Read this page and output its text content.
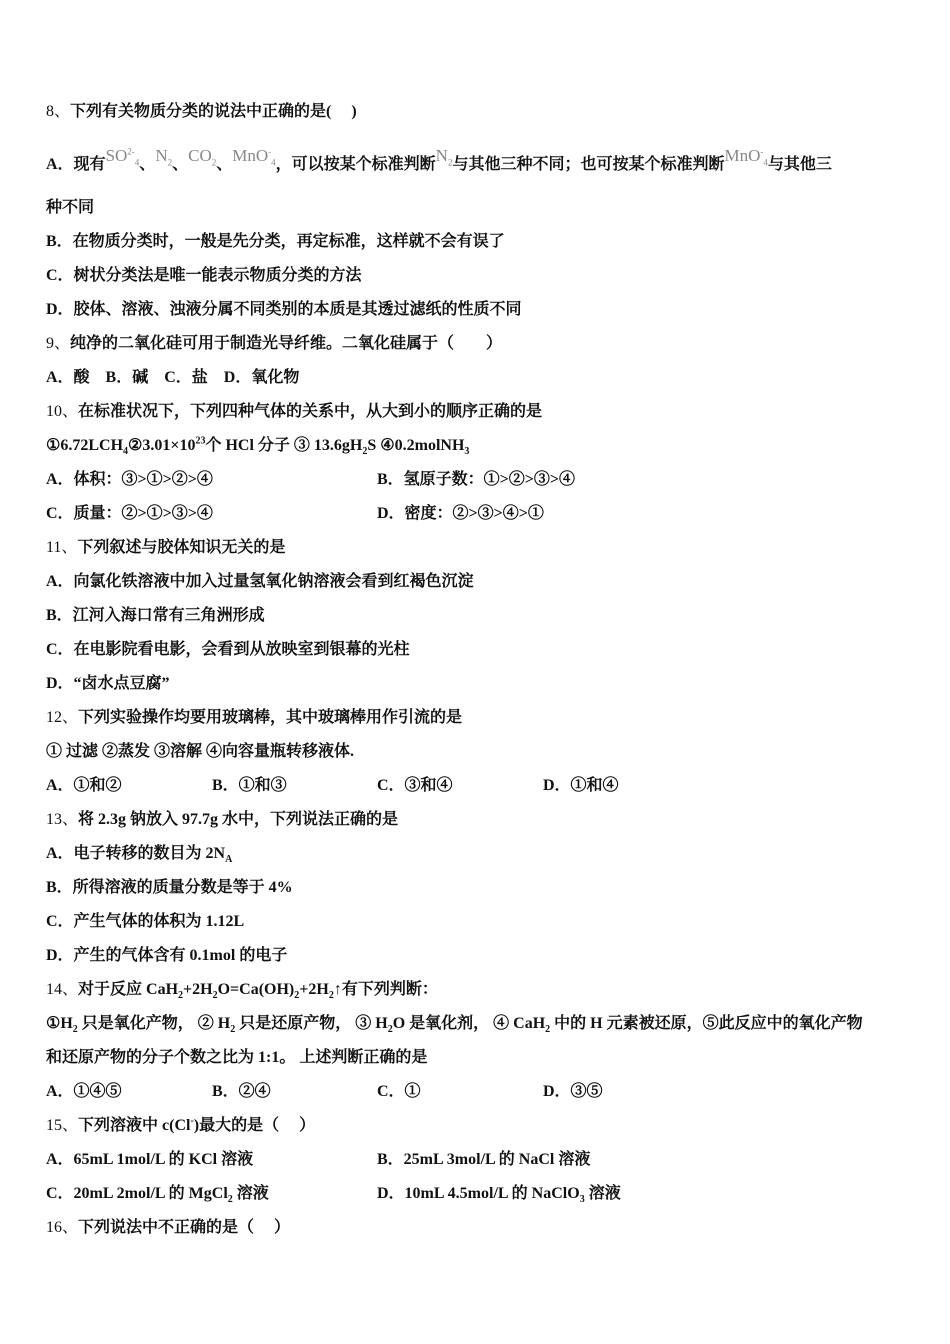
8、下列有关物质分类的说法中正确的是(　 )
A．现有$SO^{2-}_4$、$N_2$、$CO_2$、MnO-$_4$，可以按某个标准判断$N_2$与其他三种不同；也可按某个标准判断MnO-$_4$与其他三
种不同
B．在物质分类时，一般是先分类，再定标准，这样就不会有误了
C．树状分类法是唯一能表示物质分类的方法
D．胶体、溶液、浊液分属不同类别的本质是其透过滤纸的性质不同
9、纯净的二氧化硅可用于制造光导纤维。二氧化硅属于（　　）
A．酸　B．碱　C．盐　D．氧化物
10、在标准状况下，下列四种气体的关系中，从大到小的顺序正确的是
$①6.72LCH_4②3.01\times 10^{23}$个 HCl 分子 ③ $13.6gH_2S$ ④0.2molNH$_3$
A．体积：③>①>②>④	B．氢原子数：①>②>③>④
C．质量：②>①>③>④	D．密度：②>③>④>①
11、下列叙述与胶体知识无关的是
A．向氯化铁溶液中加入过量氢氧化钠溶液会看到红褐色沉淀
B．江河入海口常有三角洲形成
C．在电影院看电影，会看到从放映室到银幕的光柱
D．“卤水点豆腐”
12、下列实验操作均要用玻璃棒，其中玻璃棒用作引流的是
① 过滤 ②蒸发 ③溶解 ④向容量瓶转移液体.
A．①和②	B．①和③	C．③和④	D．①和④
13、将 2.3g 钠放入 97.7g 水中，下列说法正确的是
A．电子转移的数目为 $2N_A$
B．所得溶液的质量分数是等于 4%
C．产生气体的体积为 1.12L
D．产生的气体含有 0.1mol 的电子
14、对于反应 $CaH_2+2H_2O=Ca(OH)_2+2H_2↑$有下列判断：
$①H_2$ 只是氧化产物， ② $H_2$ 只是还原产物， ③ $H_2O$ 是氧化剂， ④ CaH$_2$ 中的 H 元素被还原，⑤此反应中的氧化产物
和还原产物的分子个数之比为 1:1。 上述判断正确的是
A．①④⑤	B．②④	C．①	D．③⑤
15、下列溶液中 c(Cl-)最大的是（　 ）
A．65mL 1mol/L 的 KCl 溶液	B．25mL 3mol/L 的 NaCl 溶液
C．20mL 2mol/L 的 MgCl$_2$ 溶液	D．10mL 4.5mol/L 的 NaClO$_3$ 溶液
16、下列说法中不正确的是（　 ）
